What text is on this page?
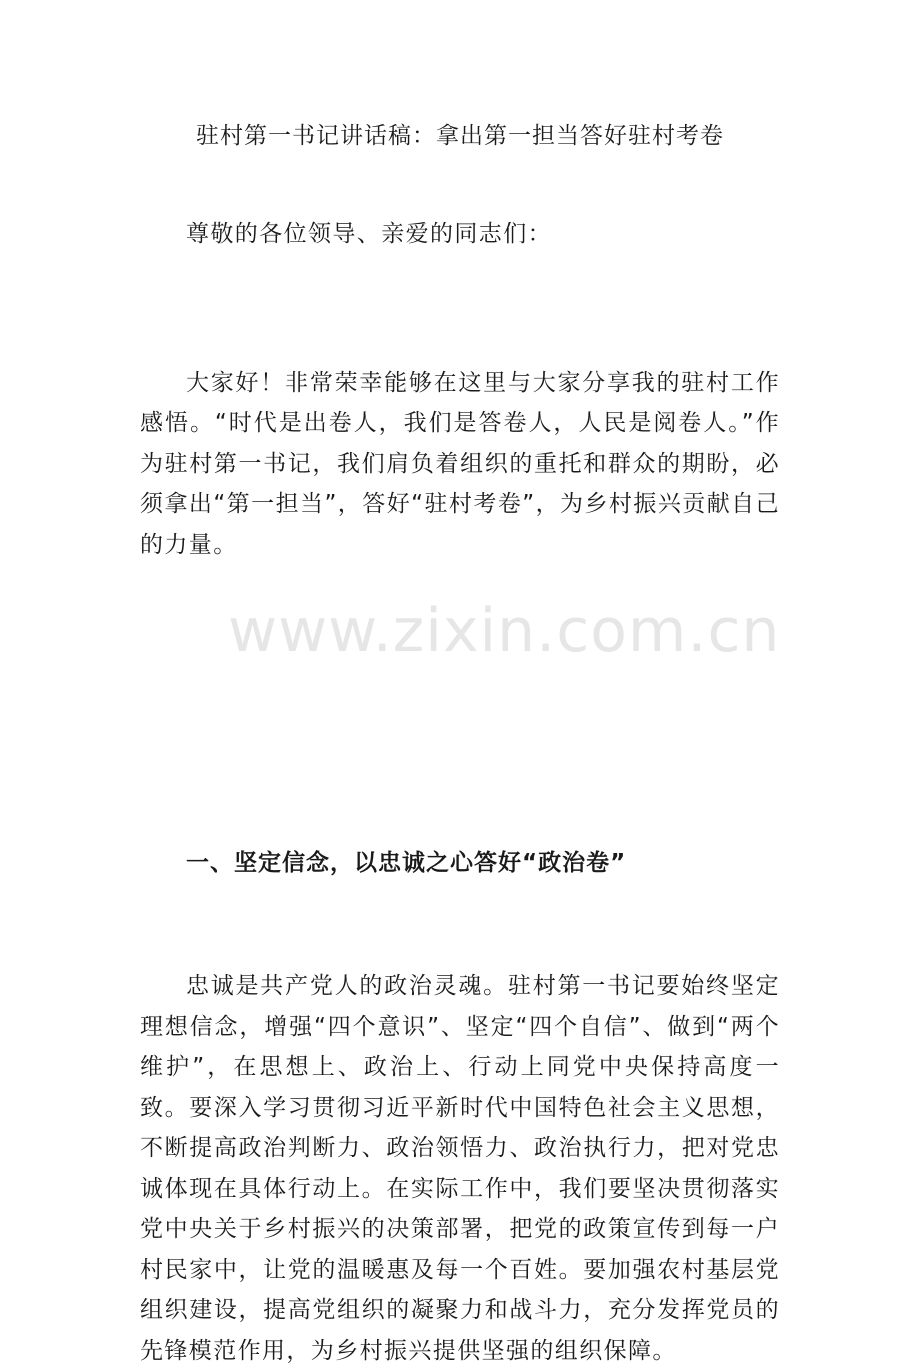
www.zixin.com.cn
驻村第一书记讲话稿：拿出第一担当答好驻村考卷

尊敬的各位领导、亲爱的同志们：

大家好！非常荣幸能够在这里与大家分享我的驻村工作感悟。“时代是出卷人，我们是答卷人，人民是阅卷人。”作为驻村第一书记，我们肩负着组织的重托和群众的期盼，必须拿出“第一担当”，答好“驻村考卷”，为乡村振兴贡献自己的力量。

一、坚定信念，以忠诚之心答好“政治卷”

忠诚是共产党人的政治灵魂。驻村第一书记要始终坚定理想信念，增强“四个意识”、坚定“四个自信”、做到“两个维护”，在思想上、政治上、行动上同党中央保持高度一致。要深入学习贯彻习近平新时代中国特色社会主义思想，不断提高政治判断力、政治领悟力、政治执行力，把对党忠诚体现在具体行动上。在实际工作中，我们要坚决贯彻落实党中央关于乡村振兴的决策部署，把党的政策宣传到每一户村民家中，让党的温暖惠及每一个百姓。要加强农村基层党组织建设，提高党组织的凝聚力和战斗力，充分发挥党员的先锋模范作用，为乡村振兴提供坚强的组织保障。
